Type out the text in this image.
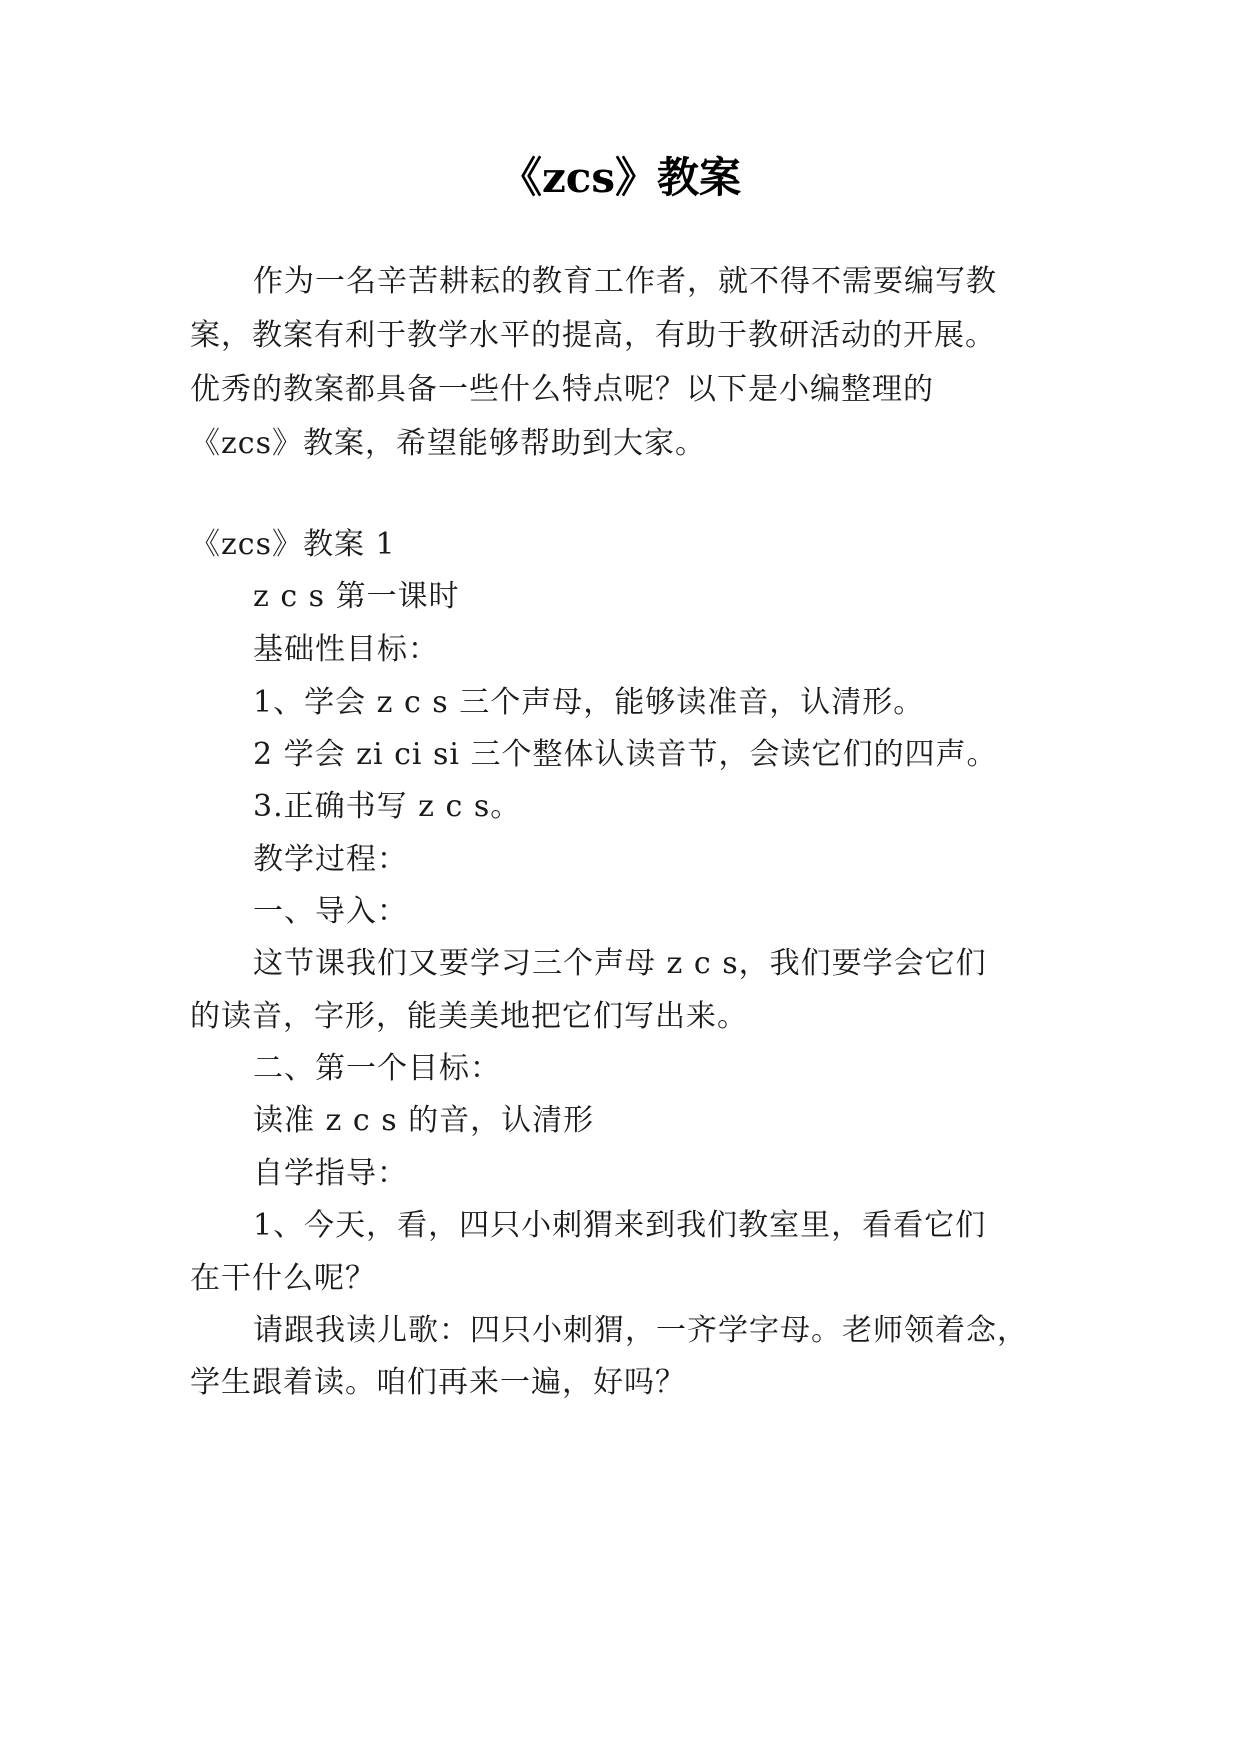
《zcs》教案
作为一名辛苦耕耘的教育工作者，就不得不需要编写教
案，教案有利于教学水平的提高，有助于教研活动的开展。
优秀的教案都具备一些什么特点呢？以下是小编整理的
《zcs》教案，希望能够帮助到大家。
《zcs》教案 1
z c s 第一课时
基础性目标：
1、学会 z c s 三个声母，能够读准音，认清形。
2 学会 zi ci si 三个整体认读音节，会读它们的四声。
3.正确书写 z c s。
教学过程：
一、导入：
这节课我们又要学习三个声母 z c s，我们要学会它们
的读音，字形，能美美地把它们写出来。
二、第一个目标：
读准 z c s 的音，认清形
自学指导：
1、今天，看，四只小刺猬来到我们教室里，看看它们
在干什么呢？
请跟我读儿歌：四只小刺猬，一齐学字母。老师领着念，
学生跟着读。咱们再来一遍，好吗？
